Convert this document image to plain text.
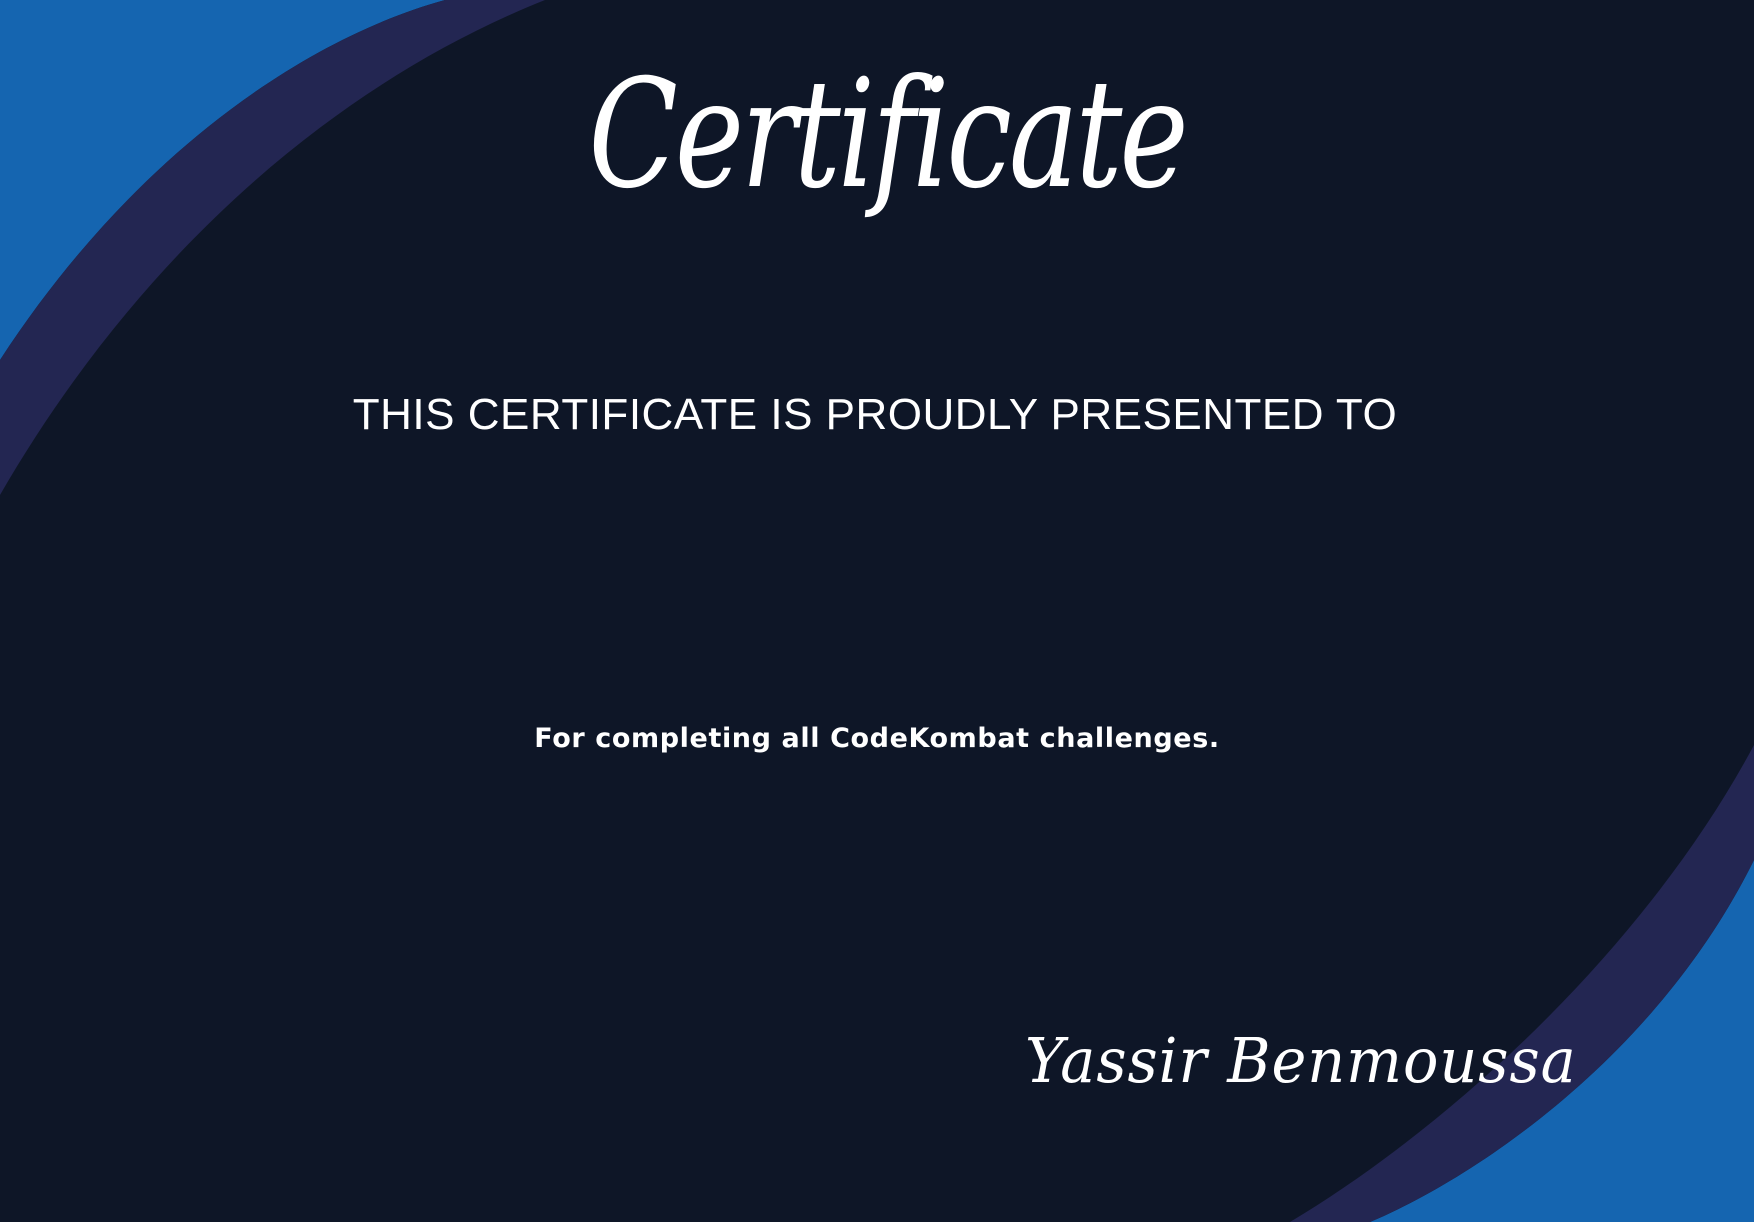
Certificate
THIS CERTIFICATE IS PROUDLY PRESENTED TO
For completing all CodeKombat challenges.
Yassir Benmoussa
